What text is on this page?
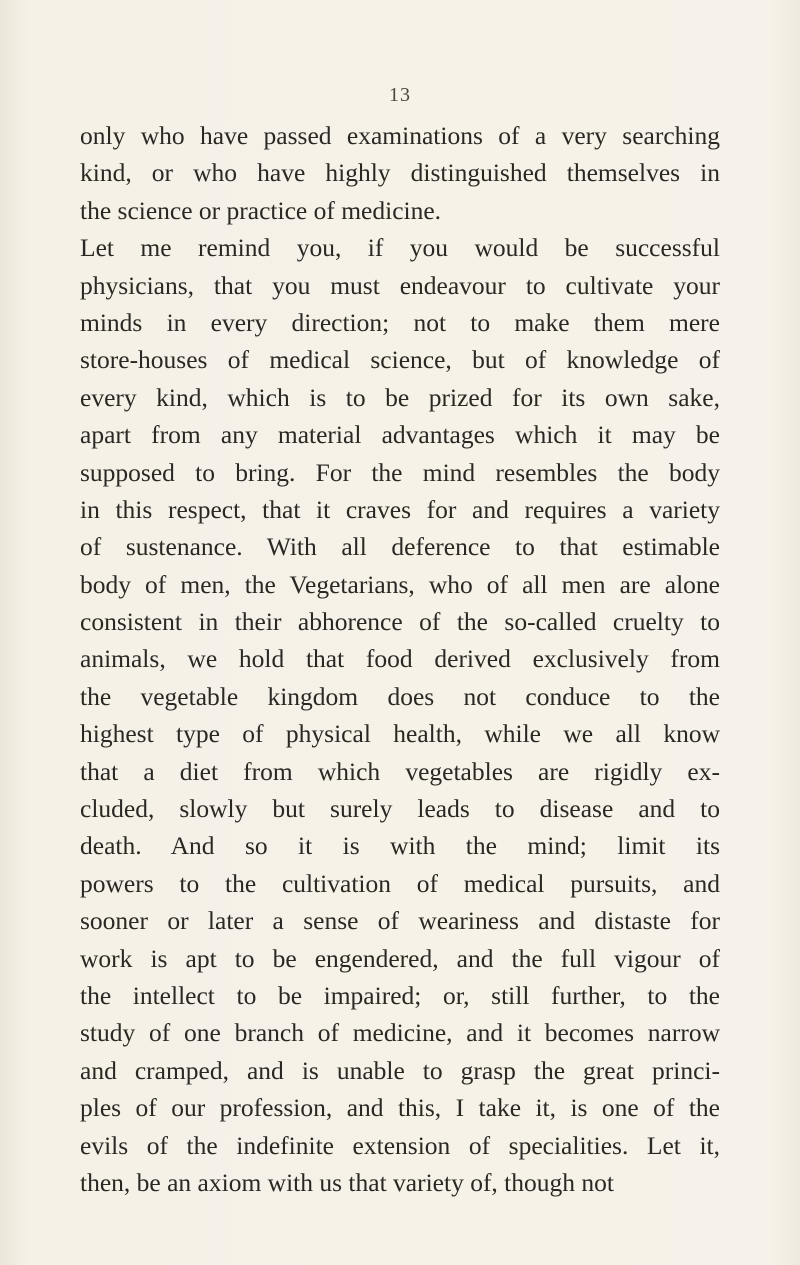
13
only who have passed examinations of a very searching
kind, or who have highly distinguished themselves in
the science or practice of medicine.
Let me remind you, if you would be successful
physicians, that you must endeavour to cultivate your
minds in every direction; not to make them mere
store-houses of medical science, but of knowledge of
every kind, which is to be prized for its own sake,
apart from any material advantages which it may be
supposed to bring. For the mind resembles the body
in this respect, that it craves for and requires a variety
of sustenance. With all deference to that estimable
body of men, the Vegetarians, who of all men are alone
consistent in their abhorence of the so-called cruelty to
animals, we hold that food derived exclusively from
the vegetable kingdom does not conduce to the
highest type of physical health, while we all know
that a diet from which vegetables are rigidly ex-
cluded, slowly but surely leads to disease and to
death. And so it is with the mind; limit its
powers to the cultivation of medical pursuits, and
sooner or later a sense of weariness and distaste for
work is apt to be engendered, and the full vigour of
the intellect to be impaired; or, still further, to the
study of one branch of medicine, and it becomes narrow
and cramped, and is unable to grasp the great princi-
ples of our profession, and this, I take it, is one of the
evils of the indefinite extension of specialities. Let it,
then, be an axiom with us that variety of, though not
